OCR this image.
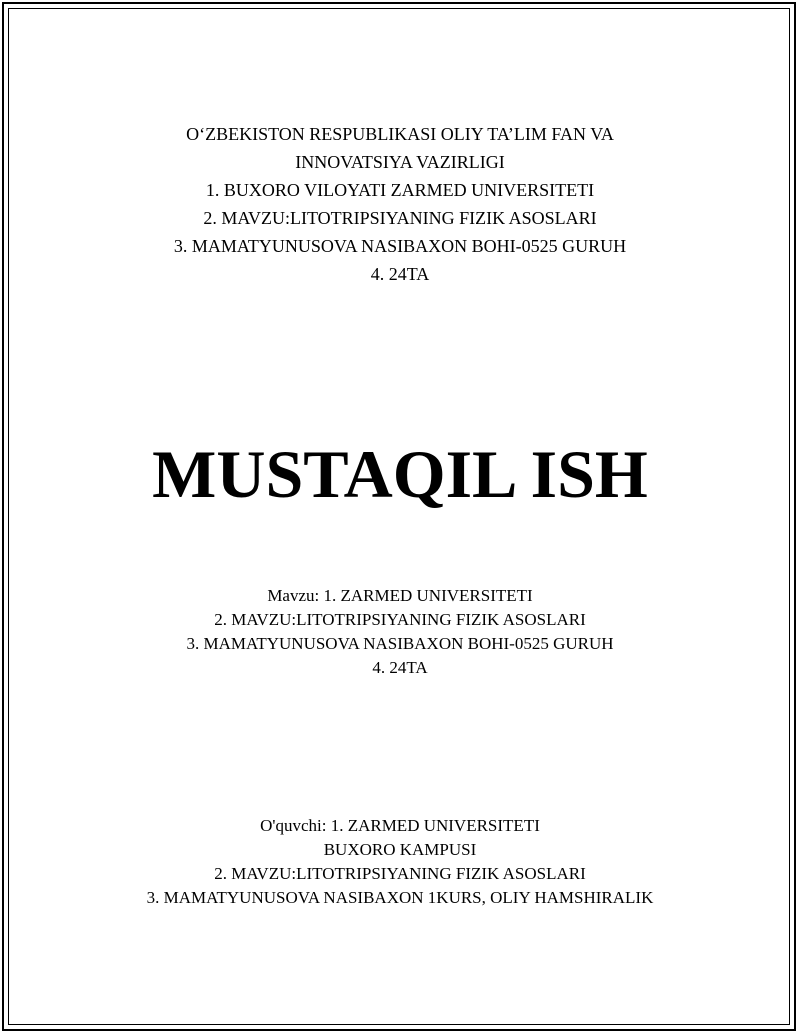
O‘ZBEKISTON RESPUBLIKASI OLIY TA’LIM FAN VA
INNOVATSIYA VAZIRLIGI
1. BUXORO VILOYATI ZARMED UNIVERSITETI
2. MAVZU:LITOTRIPSIYANING FIZIK ASOSLARI
3. MAMATYUNUSOVA NASIBAXON BOHI-0525 GURUH
4. 24TA
MUSTAQIL ISH
Mavzu: 1. ZARMED UNIVERSITETI
2. MAVZU:LITOTRIPSIYANING FIZIK ASOSLARI
3. MAMATYUNUSOVA NASIBAXON BOHI-0525 GURUH
4. 24TA
O'quvchi: 1. ZARMED UNIVERSITETI
BUXORO KAMPUSI
2. MAVZU:LITOTRIPSIYANING FIZIK ASOSLARI
3. MAMATYUNUSOVA NASIBAXON 1KURS, OLIY HAMSHIRALIK
